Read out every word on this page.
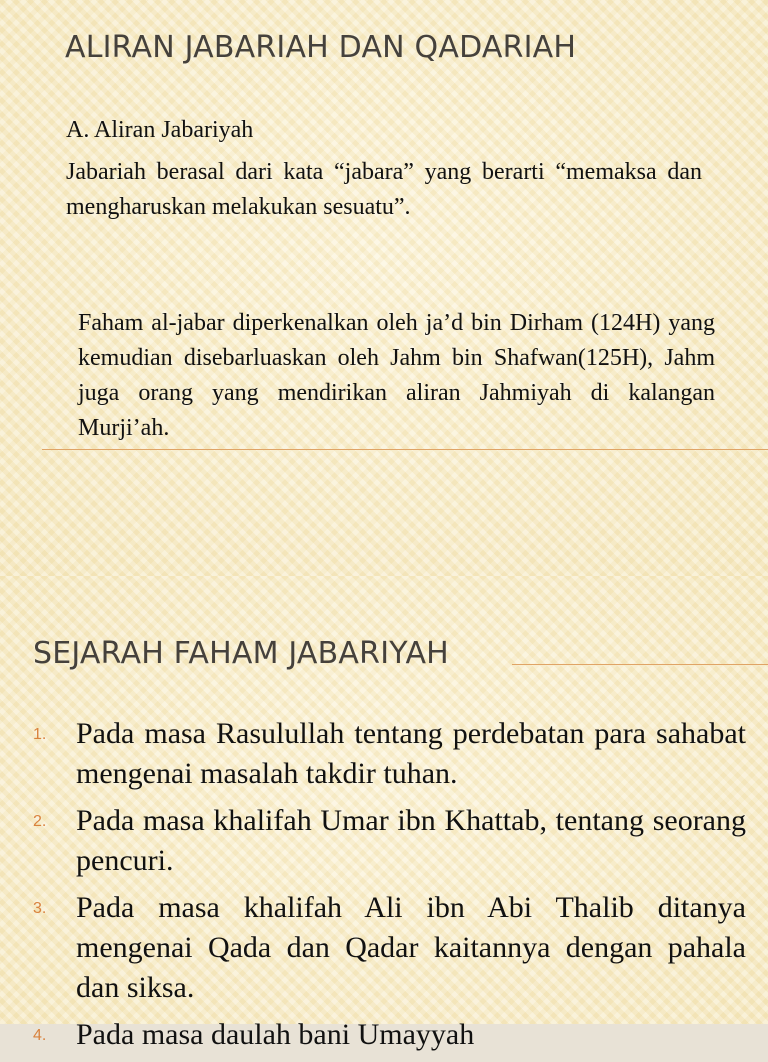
ALIRAN JABARIAH DAN QADARIAH

A. Aliran Jabariyah

Jabariah berasal dari kata “jabara” yang berarti “memaksa dan mengharuskan melakukan sesuatu”.

Faham al-jabar diperkenalkan oleh ja’d bin Dirham (124H) yang kemudian disebarluaskan oleh Jahm bin Shafwan(125H), Jahm juga orang yang mendirikan aliran Jahmiyah di kalangan Murji’ah.

SEJARAH FAHAM JABARIYAH
1. Pada masa Rasulullah tentang perdebatan para sahabat mengenai masalah takdir tuhan.
2. Pada masa khalifah Umar ibn Khattab, tentang seorang pencuri.
3. Pada masa khalifah Ali ibn Abi Thalib ditanya mengenai Qada dan Qadar kaitannya dengan pahala dan siksa.
4. Pada masa daulah bani Umayyah
